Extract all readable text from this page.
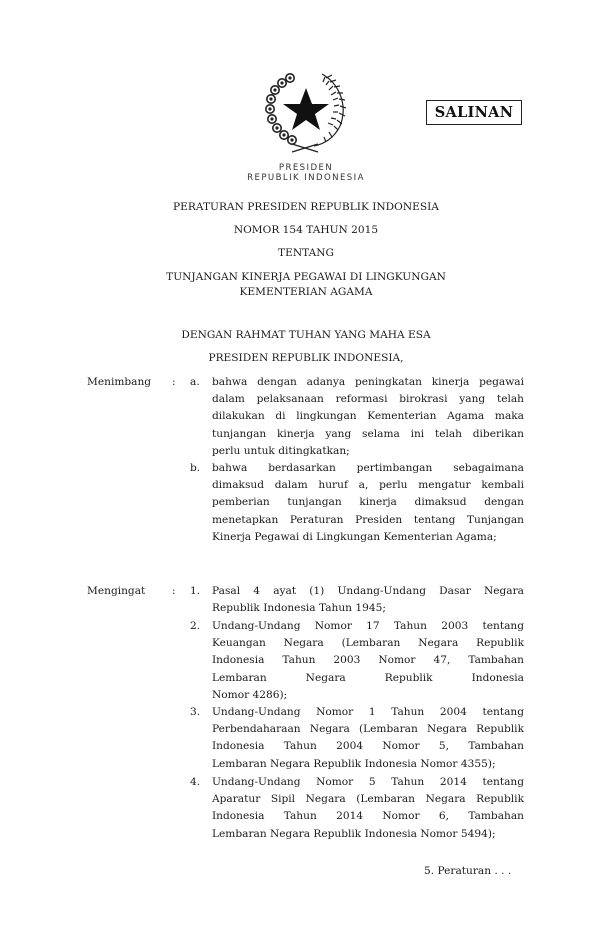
SALINAN
PRESIDEN
REPUBLIK INDONESIA
PERATURAN PRESIDEN REPUBLIK INDONESIA
NOMOR 154 TAHUN 2015
TENTANG
TUNJANGAN KINERJA PEGAWAI DI LINGKUNGAN
KEMENTERIAN AGAMA
DENGAN RAHMAT TUHAN YANG MAHA ESA
PRESIDEN REPUBLIK INDONESIA,
Menimbang : a.	bahwa dengan adanya peningkatan kinerja pegawai
dalam pelaksanaan reformasi birokrasi yang telah
dilakukan di lingkungan Kementerian Agama maka
tunjangan kinerja yang selama ini telah diberikan
perlu untuk ditingkatkan;
b.	bahwa berdasarkan pertimbangan sebagaimana
dimaksud dalam huruf a, perlu mengatur kembali
pemberian tunjangan kinerja dimaksud dengan
menetapkan Peraturan Presiden tentang Tunjangan
Kinerja Pegawai di Lingkungan Kementerian Agama;
Mengingat	: 1.	Pasal 4 ayat (1) Undang-Undang Dasar Negara
Republik Indonesia Tahun 1945;
2.	Undang-Undang Nomor 17 Tahun 2003 tentang
Keuangan Negara (Lembaran Negara Republik
Indonesia Tahun 2003 Nomor 47, Tambahan
Lembaran Negara Republik Indonesia
Nomor 4286);
3.	Undang-Undang Nomor 1 Tahun 2004 tentang
Perbendaharaan Negara (Lembaran Negara Republik
Indonesia Tahun 2004 Nomor 5, Tambahan
Lembaran Negara Republik Indonesia Nomor 4355);
4.	Undang-Undang Nomor 5 Tahun 2014 tentang
Aparatur Sipil Negara (Lembaran Negara Republik
Indonesia Tahun 2014 Nomor 6, Tambahan
Lembaran Negara Republik Indonesia Nomor 5494);
5. Peraturan . . .
